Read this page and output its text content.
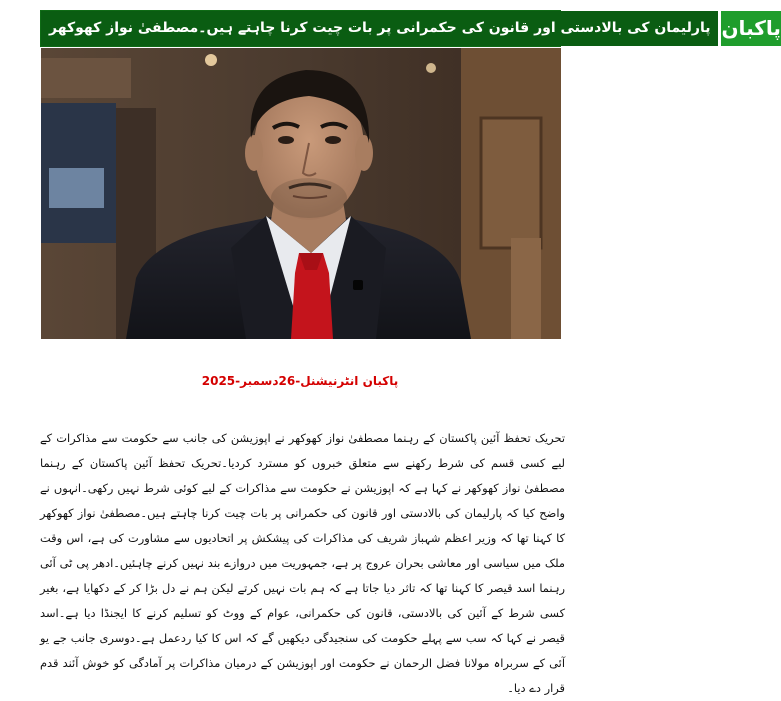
پارلیمان کی بالادستی اور قانون کی حکمرانی پر بات چیت کرنا چاہتے ہیں۔مصطفیٰ نواز کھوکھر پاکبان
پاکبان انٹرنیشنل-26دسمبر-2025
تحریک تحفظ آئین پاکستان کے رہنما مصطفیٰ نواز کھوکھر نے اپوزیشن کی جانب سے حکومت سے مذاکرات کے لیے کسی قسم کی شرط رکھنے سے متعلق خبروں کو مسترد کردیا۔تحریک تحفظ آئین پاکستان کے رہنما مصطفیٰ نواز کھوکھر نے کہا ہے کہ اپوزیشن نے حکومت سے مذاکرات کے لیے کوئی شرط نہیں رکھی۔انہوں نے واضح کیا کہ پارلیمان کی بالادستی اور قانون کی حکمرانی پر بات چیت کرنا چاہتے ہیں۔مصطفیٰ نواز کھوکھر کا کہنا تھا کہ وزیر اعظم شہباز شریف کی مذاکرات کی پیشکش پر اتحادیوں سے مشاورت کی ہے، اس وقت ملک میں سیاسی اور معاشی بحران عروج پر ہے، جمہوریت میں دروازے بند نہیں کرنے چاہئیں۔ادھر پی ٹی آئی رہنما اسد قیصر کا کہنا تھا کہ تاثر دیا جاتا ہے کہ ہم بات نہیں کرتے لیکن ہم نے دل بڑا کر کے دکھایا ہے، بغیر کسی شرط کے آئین کی بالادستی، قانون کی حکمرانی، عوام کے ووٹ کو تسلیم کرنے کا ایجنڈا دیا ہے۔اسد قیصر نے کہا کہ سب سے پہلے حکومت کی سنجیدگی دیکھیں گے کہ اس کا کیا ردعمل ہے۔دوسری جانب جے یو آئی کے سربراہ مولانا فضل الرحمان نے حکومت اور اپوزیشن کے درمیان مذاکرات پر آمادگی کو خوش آئند قدم قرار دے دیا۔
